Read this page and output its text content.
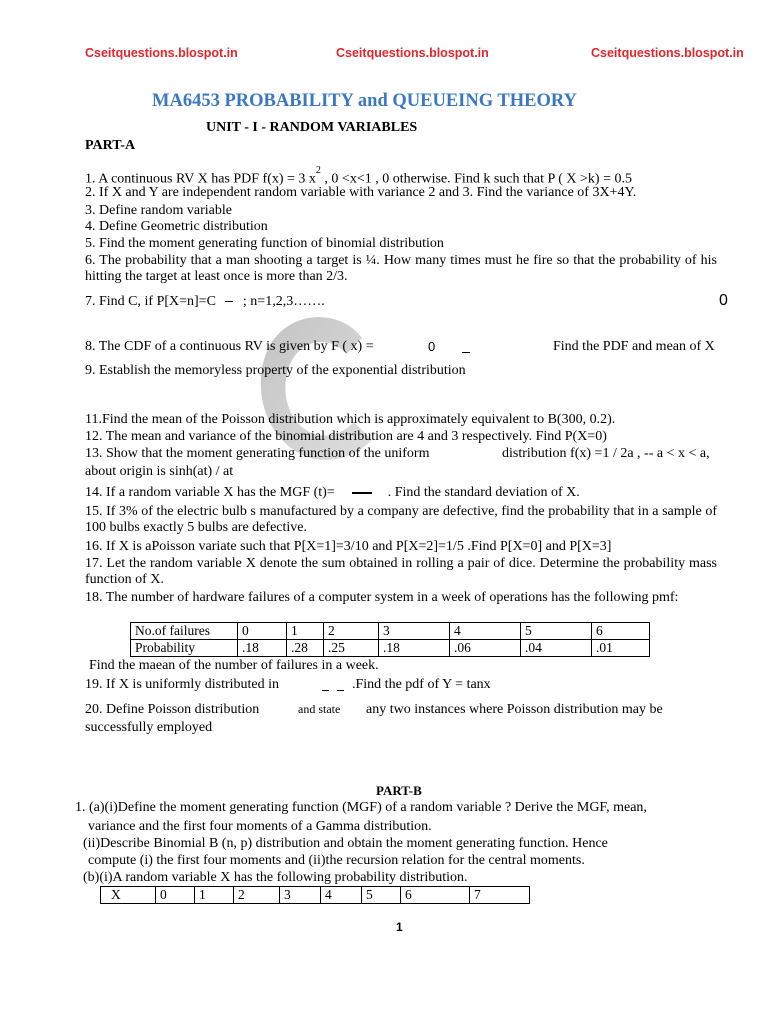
Cseitquestions.blospot.in	Cseitquestions.blospot.in	Cseitquestions.blospot.in
MA6453 PROBABILITY and QUEUEING THEORY
UNIT - I - RANDOM VARIABLES
PART-A
1. A continuous RV X has PDF f(x) = 3 $x^2$ , 0 <x<1 , 0 otherwise. Find k such that P ( X >k) = 0.5
2. If X and Y are independent random variable with variance 2 and 3. Find the variance of 3X+4Y.
3. Define random variable
4. Define Geometric distribution
5. Find the moment generating function of binomial distribution
6. The probability that a man shooting a target is ¼. How many times must he fire so that the probability of his hitting the target at least once is more than 2/3.
7. Find C, if P[X=n]=C ; n=1,2,3…….	0
8. The CDF of a continuous RV is given by F ( x) =	0	Find the PDF and mean of X
9. Establish the memoryless property of the exponential distribution
11.Find the mean of the Poisson distribution which is approximately equivalent to B(300, 0.2).
12. The mean and variance of the binomial distribution are 4 and 3 respectively. Find P(X=0)
13. Show that the moment generating function of the uniform	distribution f(x) =1 / 2a , -- a < x < a,
about origin is sinh(at) / at
14. If a random variable X has the MGF (t)=	. Find the standard deviation of X.
15. If 3% of the electric bulb s manufactured by a company are defective, find the probability that in a sample of 100 bulbs exactly 5 bulbs are defective.
16. If X is aPoisson variate such that P[X=1]=3/10 and P[X=2]=1/5 .Find P[X=0] and P[X=3]
17. Let the random variable X denote the sum obtained in rolling a pair of dice. Determine the probability mass function of X.
18. The number of hardware failures of a computer system in a week of operations has the following pmf:
No.of failures	0	1	2	3	4	5	6
Probability	.18	.28	.25	.18	.06	.04	.01
Find the maean of the number of failures in a week.
19. If X is uniformly distributed in	.Find the pdf of Y = tanx
20. Define Poisson distribution	and state any two instances where Poisson distribution may be
successfully employed
PART-B
1. (a)(i)Define the moment generating function (MGF) of a random variable ? Derive the MGF, mean,
variance and the first four moments of a Gamma distribution.
(ii)Describe Binomial B (n, p) distribution and obtain the moment generating function. Hence
compute (i) the first four moments and (ii)the recursion relation for the central moments.
(b)(i)A random variable X has the following probability distribution.
X	0	1	2	3	4	5	6	7
1
